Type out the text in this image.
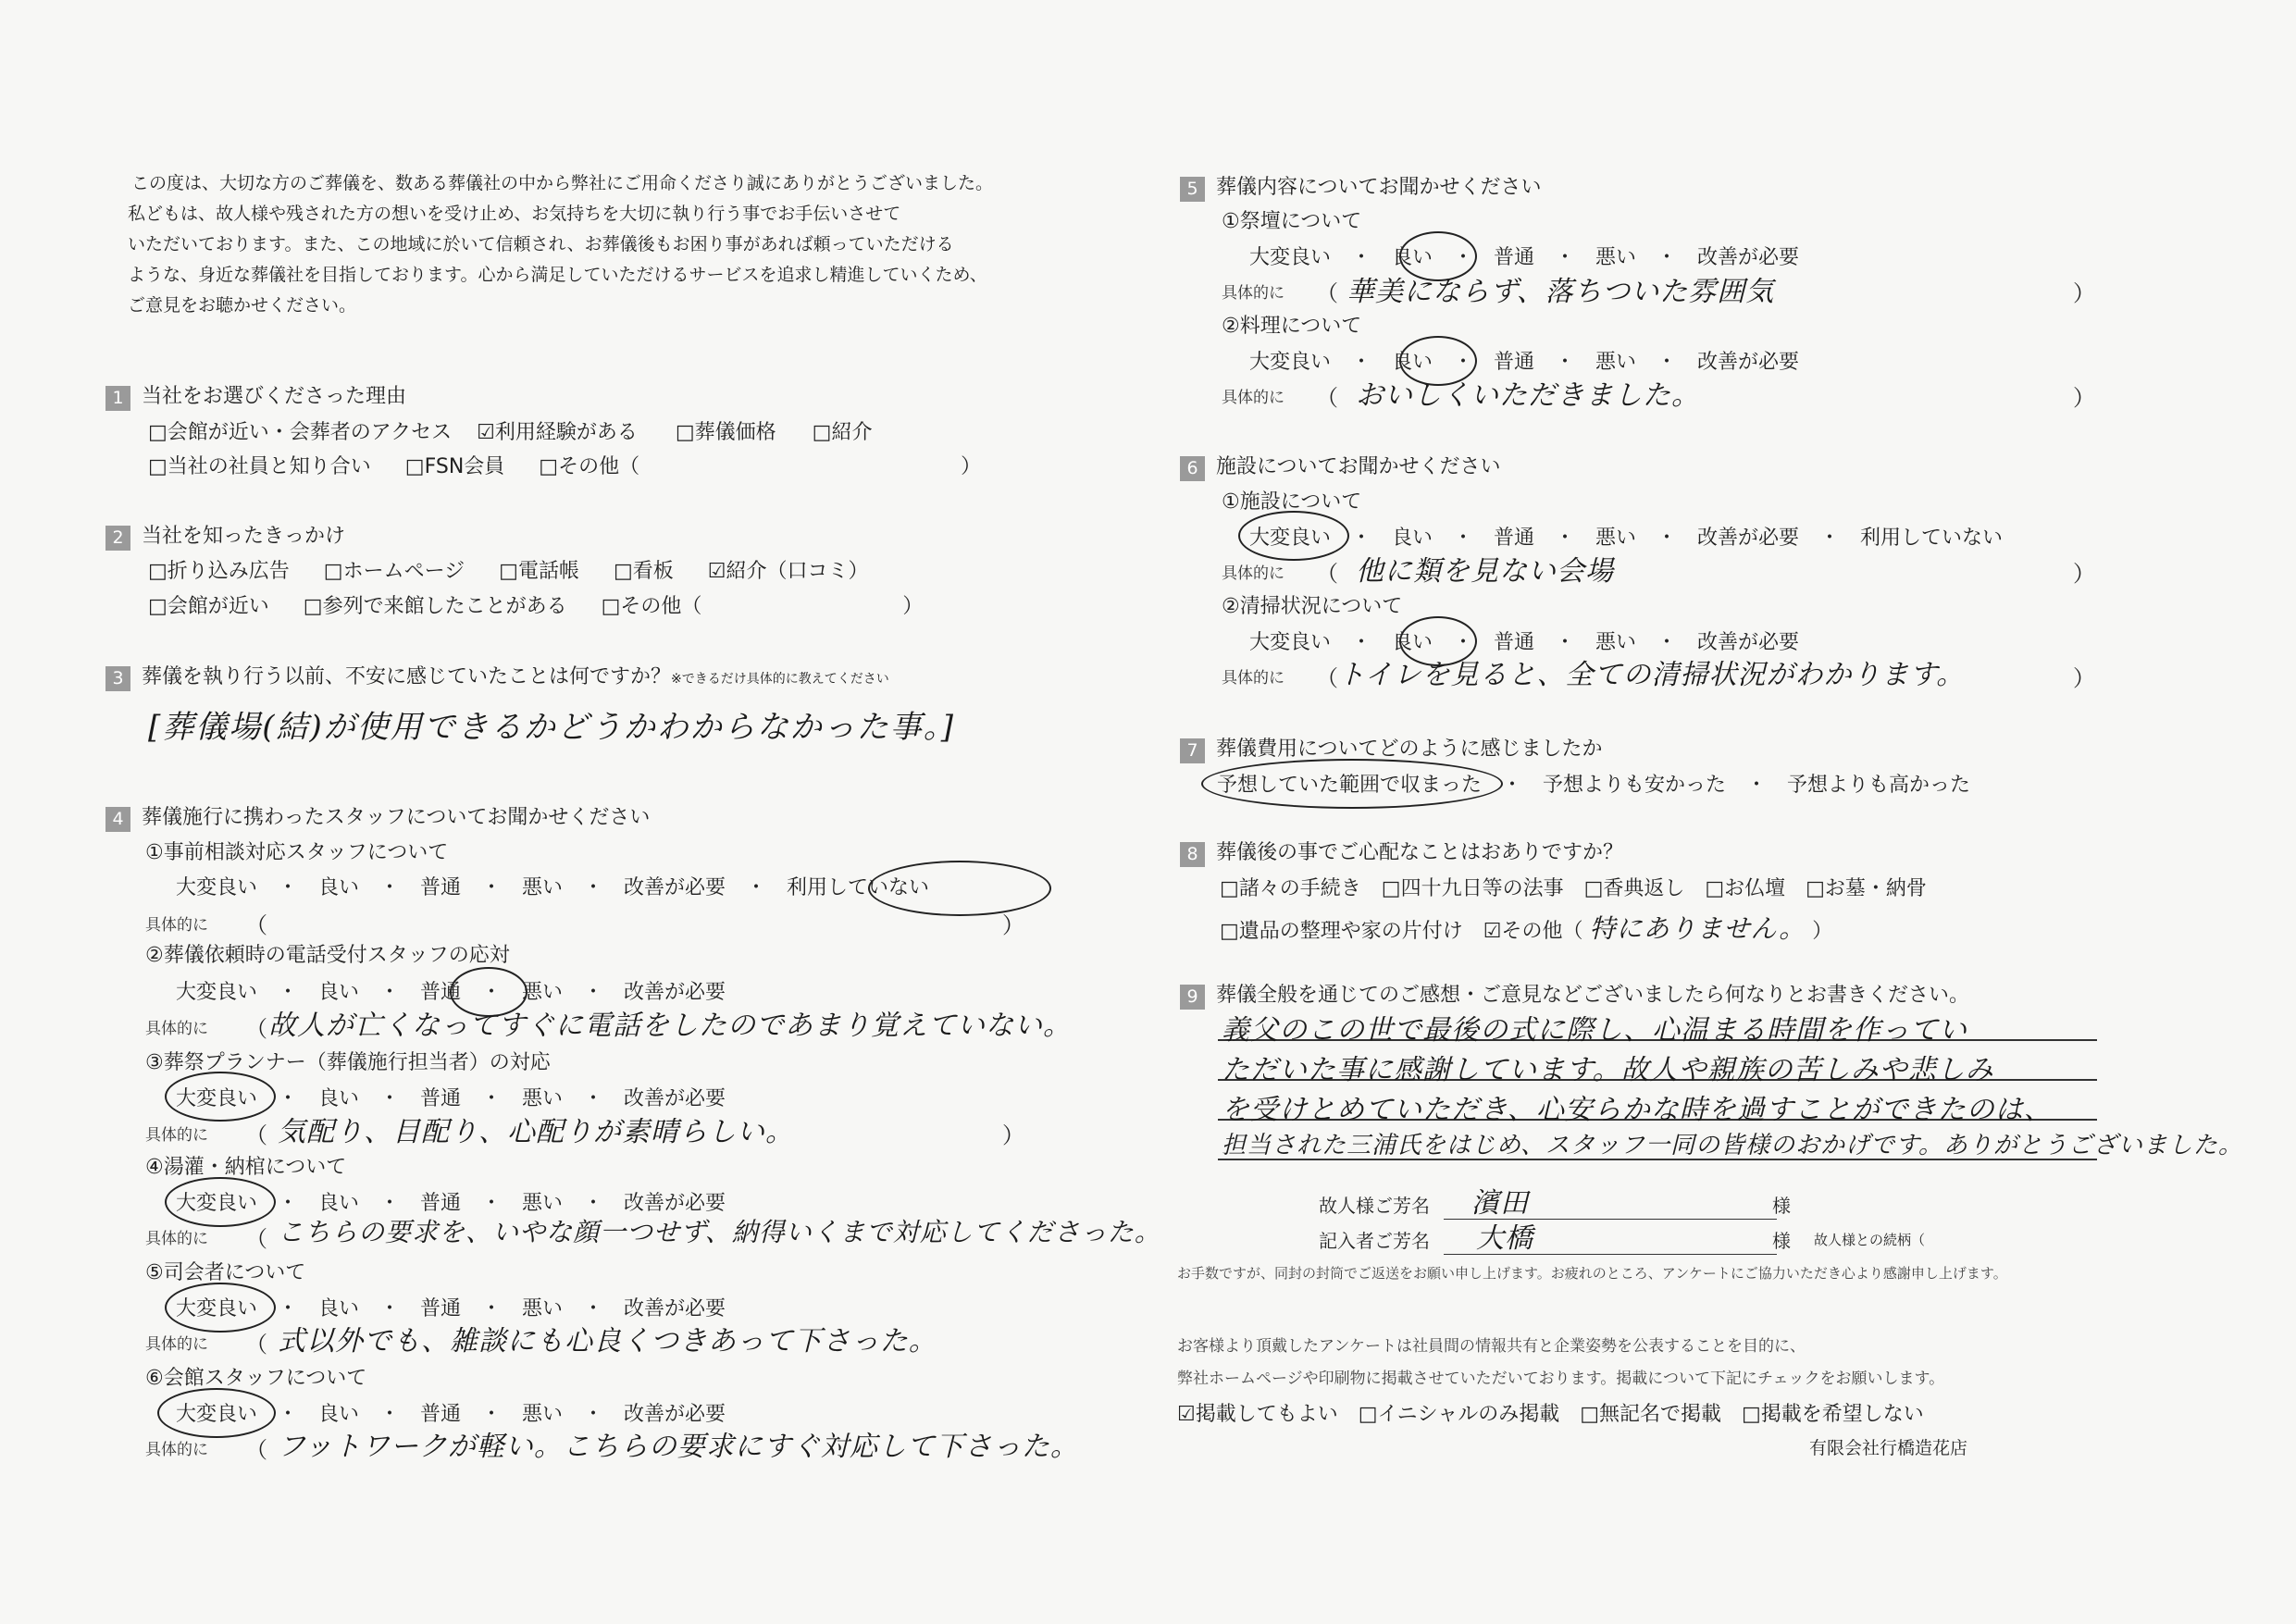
この度は、大切な方のご葬儀を、数ある葬儀社の中から弊社にご用命くださり誠にありがとうございました。
私どもは、故人様や残された方の想いを受け止め、お気持ちを大切に執り行う事でお手伝いさせて
いただいております。また、この地域に於いて信頼され、お葬儀後もお困り事があれば頼っていただける
ような、身近な葬儀社を目指しております。心から満足していただけるサービスを追求し精進していくため、
ご意見をお聴かせください。
1 当社をお選びくださった理由
□会館が近い・会葬者のアクセス ☑利用経験がある □葬儀価格 □紹介
□当社の社員と知り合い □FSN会員 □その他（	）
2 当社を知ったきっかけ
□折り込み広告 □ホームページ □電話帳 □看板 ☑紹介（口コミ）
□会館が近い □参列で来館したことがある □その他（	）
3 葬儀を執り行う以前、不安に感じていたことは何ですか？※できるだけ具体的に教えてください
[葬儀場(結)が使用できるかどうかわからなかった事。]
4 葬儀施行に携わったスタッフについてお聞かせください
①事前相談対応スタッフについて
大変良い　・　良い　・　普通　・　悪い　・　改善が必要　・　利用していない
具体的に （	）
②葬儀依頼時の電話受付スタッフの応対
大変良い　・　良い　・　普通　・　悪い　・　改善が必要
具体的に （ 故人が亡くなってすぐに電話をしたのであまり覚えていない。
③葬祭プランナー（葬儀施行担当者）の対応
大変良い　・　良い　・　普通　・　悪い　・　改善が必要
具体的に （ 気配り、目配り、心配りが素晴らしい。	）
④湯灌・納棺について
大変良い　・　良い　・　普通　・　悪い　・　改善が必要
具体的に （ こちらの要求を、いやな顔一つせず、納得いくまで対応してくださった。
⑤司会者について
大変良い　・　良い　・　普通　・　悪い　・　改善が必要
具体的に （ 式以外でも、雑談にも心良くつきあって下さった。
⑥会館スタッフについて
大変良い　・　良い　・　普通　・　悪い　・　改善が必要
具体的に （ フットワークが軽い。こちらの要求にすぐ対応して下さった。
5 葬儀内容についてお聞かせください
①祭壇について
大変良い　・　良い　・　普通　・　悪い　・　改善が必要
具体的に （ 華美にならず、落ちついた雰囲気	）
②料理について
大変良い　・　良い　・　普通　・　悪い　・　改善が必要
具体的に （ おいしくいただきました。	）
6 施設についてお聞かせください
①施設について
大変良い　・　良い　・　普通　・　悪い　・　改善が必要　・　利用していない
具体的に （ 他に類を見ない会場	）
②清掃状況について
大変良い　・　良い　・　普通　・　悪い　・　改善が必要
具体的に （ トイレを見ると、全ての清掃状況がわかります。	）
7 葬儀費用についてどのように感じましたか
予想していた範囲で収まった　・　予想よりも安かった　・　予想よりも高かった
8 葬儀後の事でご心配なことはおありですか？
□諸々の手続き　□四十九日等の法事　□香典返し　□お仏壇　□お墓・納骨
□遺品の整理や家の片付け　☑その他（ 特にありません。 ）
9 葬儀全般を通じてのご感想・ご意見などございましたら何なりとお書きください。
義父のこの世で最後の式に際し、心温まる時間を作ってい
ただいた事に感謝しています。故人や親族の苦しみや悲しみ
を受けとめていただき、心安らかな時を過すことができたのは、
担当された三浦氏をはじめ、スタッフ一同の皆様のおかげです。ありがとうございました。
故人様ご芳名 濱田	様
記入者ご芳名 大橋	様 故人様との続柄（
お手数ですが、同封の封筒でご返送をお願い申し上げます。お疲れのところ、アンケートにご協力いただき心より感謝申し上げます。
お客様より頂戴したアンケートは社員間の情報共有と企業姿勢を公表することを目的に、
弊社ホームページや印刷物に掲載させていただいております。掲載について下記にチェックをお願いします。
☑掲載してもよい　□イニシャルのみ掲載　□無記名で掲載　□掲載を希望しない
有限会社行橋造花店
